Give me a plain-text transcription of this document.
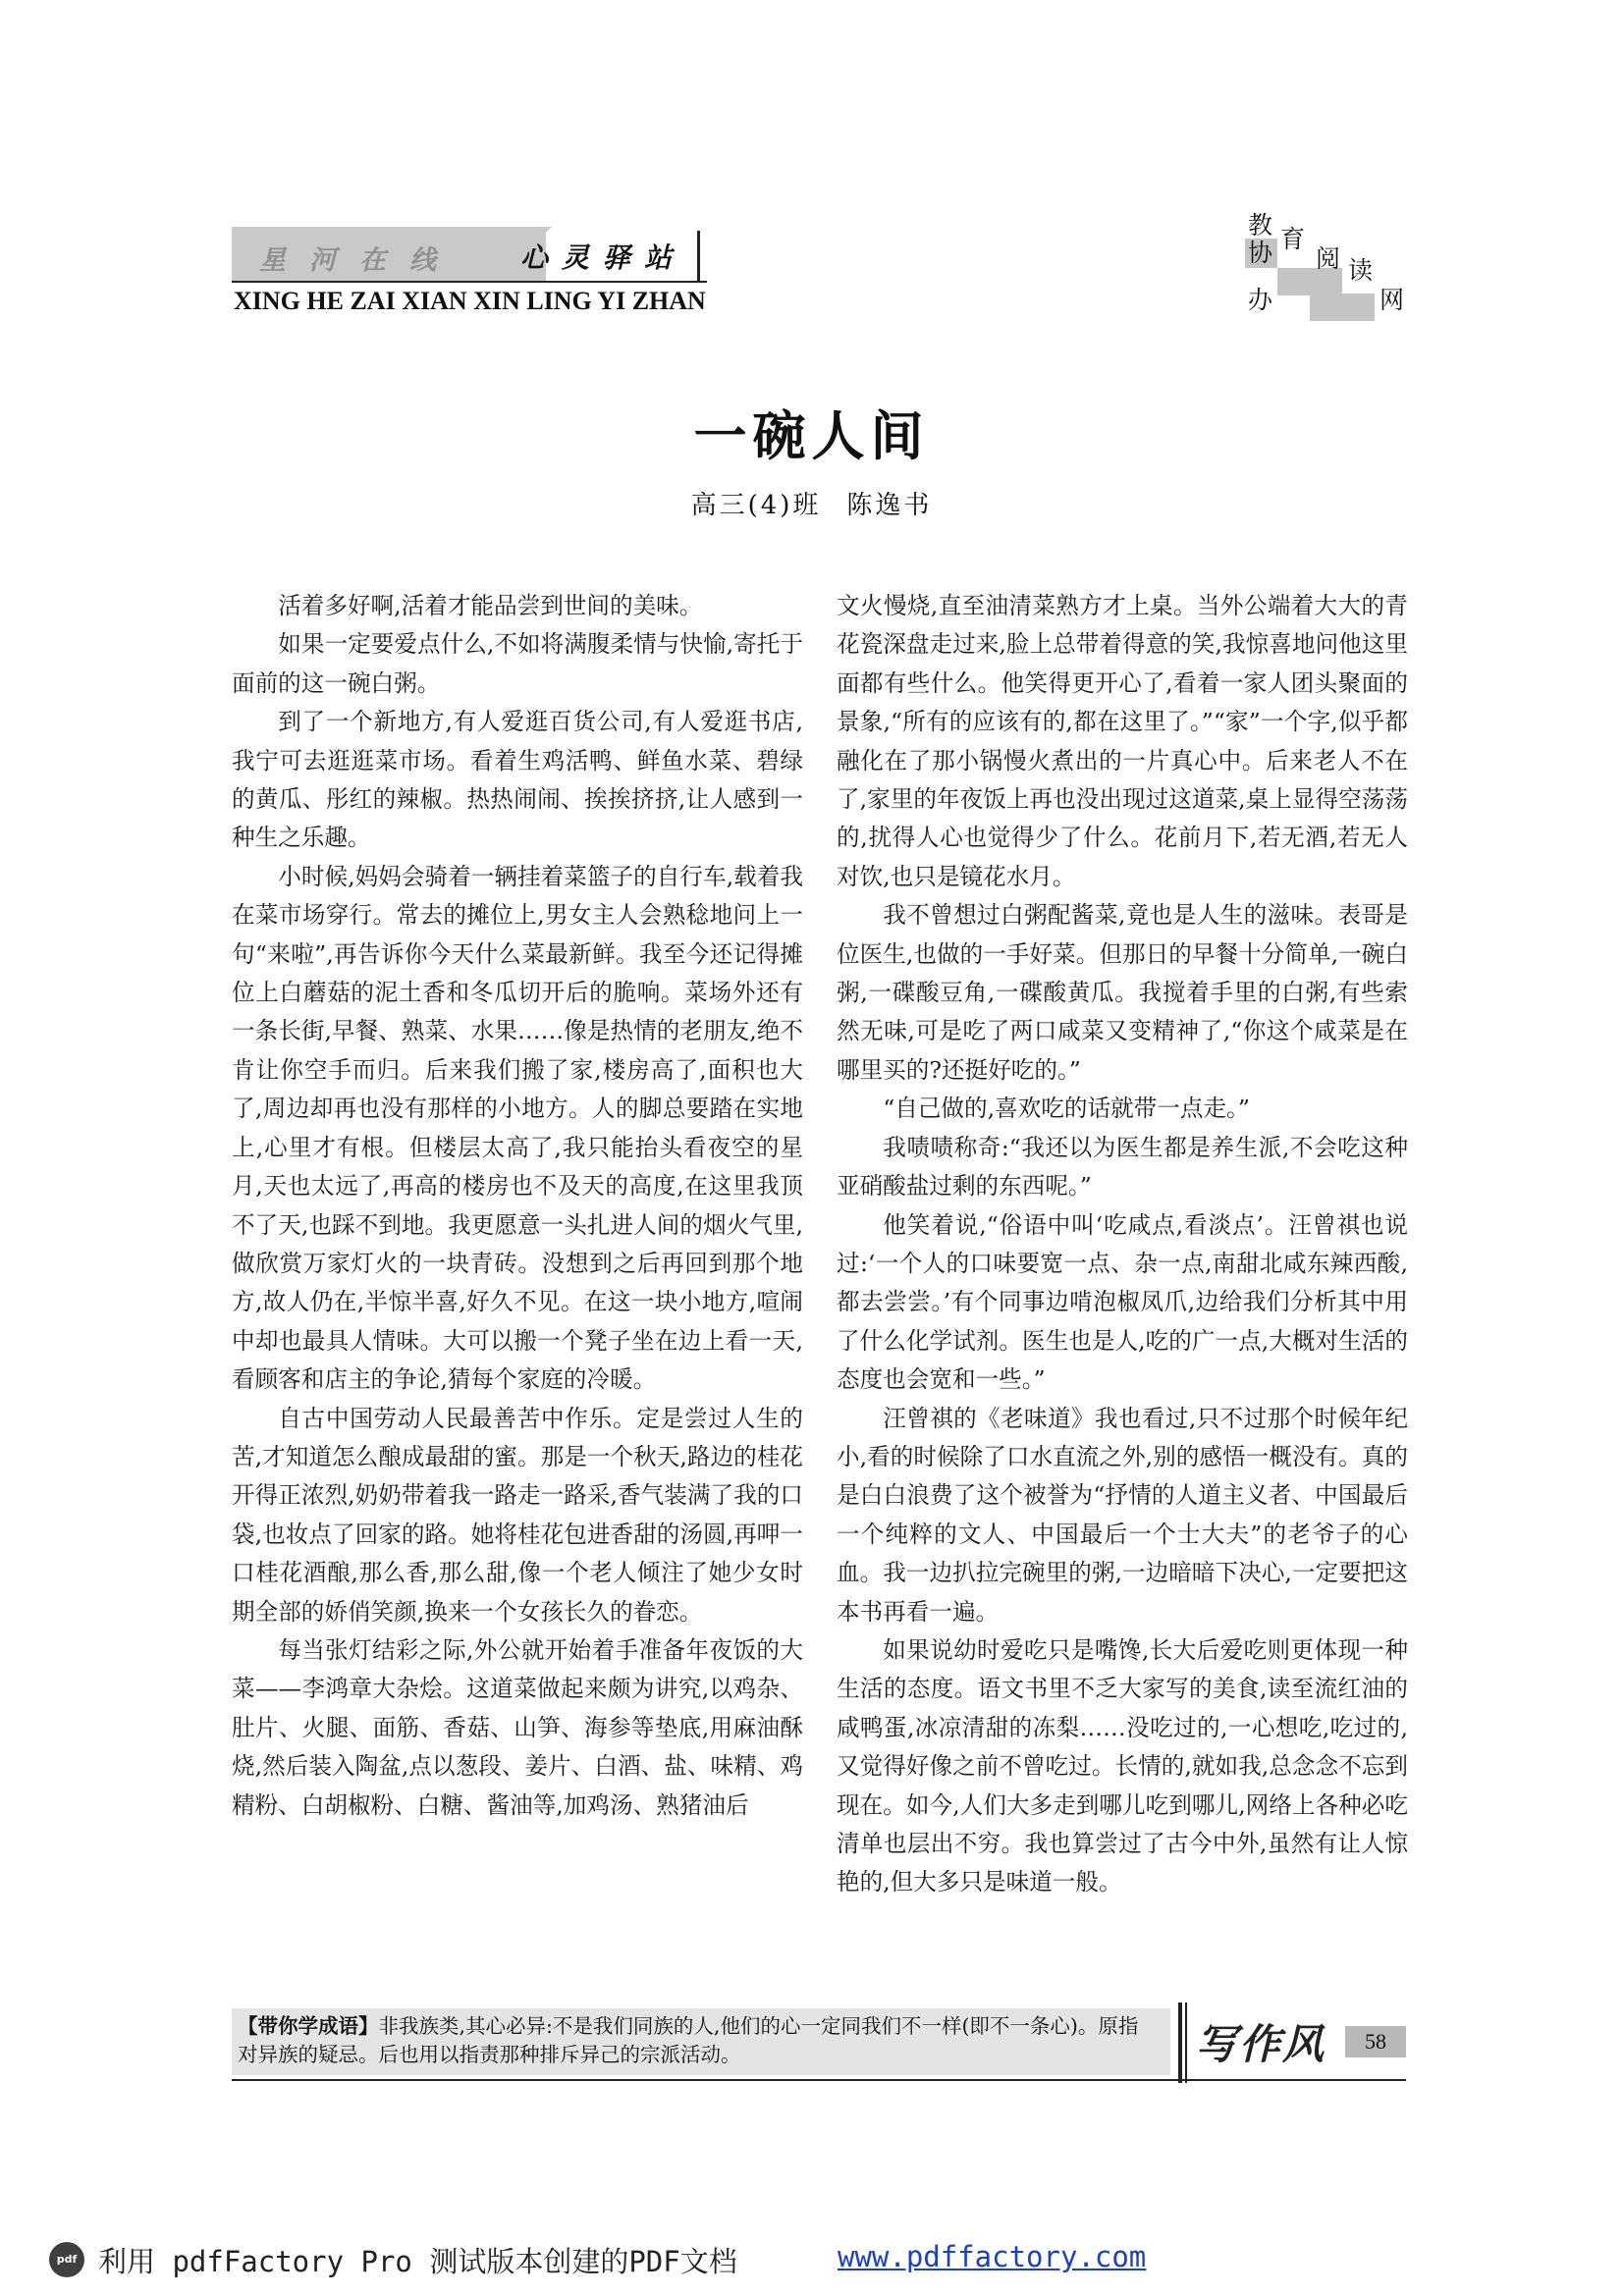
星河在线 心灵驿站
XING HE ZAI XIAN XIN LING YI ZHAN
教 育
协 阅 读
办	网
一碗人间
高三(4)班 陈逸书

活着多好啊,活着才能品尝到世间的美味。

如果一定要爱点什么,不如将满腹柔情与快愉,寄托于面前的这一碗白粥。

到了一个新地方,有人爱逛百货公司,有人爱逛书店,我宁可去逛逛菜市场。看着生鸡活鸭、鲜鱼水菜、碧绿的黄瓜、彤红的辣椒。热热闹闹、挨挨挤挤,让人感到一种生之乐趣。

小时候,妈妈会骑着一辆挂着菜篮子的自行车,载着我在菜市场穿行。常去的摊位上,男女主人会熟稔地问上一句“来啦”,再告诉你今天什么菜最新鲜。我至今还记得摊位上白蘑菇的泥土香和冬瓜切开后的脆响。菜场外还有一条长街,早餐、熟菜、水果……像是热情的老朋友,绝不肯让你空手而归。后来我们搬了家,楼房高了,面积也大了,周边却再也没有那样的小地方。人的脚总要踏在实地上,心里才有根。但楼层太高了,我只能抬头看夜空的星月,天也太远了,再高的楼房也不及天的高度,在这里我顶不了天,也踩不到地。我更愿意一头扎进人间的烟火气里,做欣赏万家灯火的一块青砖。没想到之后再回到那个地方,故人仍在,半惊半喜,好久不见。在这一块小地方,喧闹中却也最具人情味。大可以搬一个凳子坐在边上看一天,看顾客和店主的争论,猜每个家庭的冷暖。

自古中国劳动人民最善苦中作乐。定是尝过人生的苦,才知道怎么酿成最甜的蜜。那是一个秋天,路边的桂花开得正浓烈,奶奶带着我一路走一路采,香气装满了我的口袋,也妆点了回家的路。她将桂花包进香甜的汤圆,再呷一口桂花酒酿,那么香,那么甜,像一个老人倾注了她少女时期全部的娇俏笑颜,换来一个女孩长久的眷恋。

每当张灯结彩之际,外公就开始着手准备年夜饭的大菜——李鸿章大杂烩。这道菜做起来颇为讲究,以鸡杂、肚片、火腿、面筋、香菇、山笋、海参等垫底,用麻油酥烧,然后装入陶盆,点以葱段、姜片、白酒、盐、味精、鸡精粉、白胡椒粉、白糖、酱油等,加鸡汤、熟猪油后

文火慢烧,直至油清菜熟方才上桌。当外公端着大大的青花瓷深盘走过来,脸上总带着得意的笑,我惊喜地问他这里面都有些什么。他笑得更开心了,看着一家人团头聚面的景象,“所有的应该有的,都在这里了。”“家”一个字,似乎都融化在了那小锅慢火煮出的一片真心中。后来老人不在了,家里的年夜饭上再也没出现过这道菜,桌上显得空荡荡的,扰得人心也觉得少了什么。花前月下,若无酒,若无人对饮,也只是镜花水月。

我不曾想过白粥配酱菜,竟也是人生的滋味。表哥是位医生,也做的一手好菜。但那日的早餐十分简单,一碗白粥,一碟酸豆角,一碟酸黄瓜。我搅着手里的白粥,有些索然无味,可是吃了两口咸菜又变精神了,“你这个咸菜是在哪里买的?还挺好吃的。”

“自己做的,喜欢吃的话就带一点走。”

我啧啧称奇:“我还以为医生都是养生派,不会吃这种亚硝酸盐过剩的东西呢。”

他笑着说,“俗语中叫‘吃咸点,看淡点’。汪曾祺也说过:‘一个人的口味要宽一点、杂一点,南甜北咸东辣西酸,都去尝尝。’有个同事边啃泡椒凤爪,边给我们分析其中用了什么化学试剂。医生也是人,吃的广一点,大概对生活的态度也会宽和一些。”

汪曾祺的《老味道》我也看过,只不过那个时候年纪小,看的时候除了口水直流之外,别的感悟一概没有。真的是白白浪费了这个被誉为“抒情的人道主义者、中国最后一个纯粹的文人、中国最后一个士大夫”的老爷子的心血。我一边扒拉完碗里的粥,一边暗暗下决心,一定要把这本书再看一遍。

如果说幼时爱吃只是嘴馋,长大后爱吃则更体现一种生活的态度。语文书里不乏大家写的美食,读至流红油的咸鸭蛋,冰凉清甜的冻梨……没吃过的,一心想吃,吃过的,又觉得好像之前不曾吃过。长情的,就如我,总念念不忘到现在。如今,人们大多走到哪儿吃到哪儿,网络上各种必吃清单也层出不穷。我也算尝过了古今中外,虽然有让人惊艳的,但大多只是味道一般。

【带你学成语】非我族类,其心必异:不是我们同族的人,他们的心一定同我们不一样(即不一条心)。原指对异族的疑忌。后也用以指责那种排斥异己的宗派活动。	写作风	58
pdf 利用 pdfFactory Pro 测试版本创建的PDF文档	www.pdffactory.com
